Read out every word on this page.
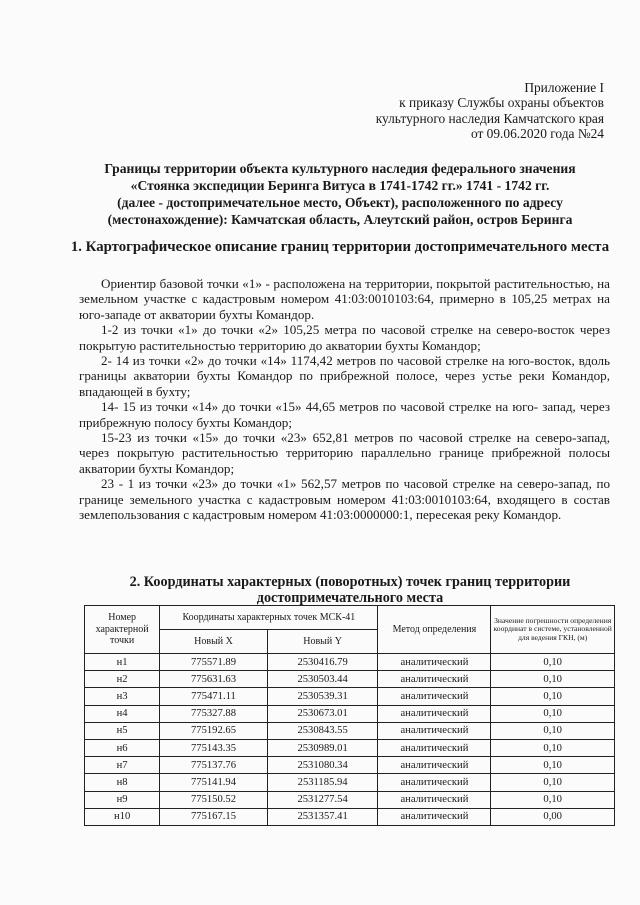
Приложение I
к приказу Службы охраны объектов
культурного наследия Камчатского края
от 09.06.2020 года №24
Границы территории объекта культурного наследия федерального значения
«Стоянка экспедиции Беринга Витуса в 1741-1742 гг.» 1741 - 1742 гг.
(далее - достопримечательное место, Объект), расположенного по адресу
(местонахождение): Камчатская область, Алеутский район, остров Беринга
1. Картографическое описание границ территории достопримечательного места

Ориентир базовой точки «1» - расположена на территории, покрытой растительностью, на земельном участке с кадастровым номером 41:03:0010103:64, примерно в 105,25 метрах на юго-западе от акватории бухты Командор.

1-2 из точки «1» до точки «2» 105,25 метра по часовой стрелке на северо-восток через покрытую растительностью территорию до акватории бухты Командор;

2- 14 из точки «2» до точки «14» 1174,42 метров по часовой стрелке на юго-восток, вдоль границы акватории бухты Командор по прибрежной полосе, через устье реки Командор, впадающей в бухту;

14- 15 из точки «14» до точки «15» 44,65 метров по часовой стрелке на юго- запад, через прибрежную полосу бухты Командор;

15-23 из точки «15» до точки «23» 652,81 метров по часовой стрелке на северо-запад, через покрытую растительностью территорию параллельно границе прибрежной полосы акватории бухты Командор;

23 - 1 из точки «23» до точки «1» 562,57 метров по часовой стрелке на северо-запад, по границе земельного участка с кадастровым номером 41:03:0010103:64, входящего в состав землепользования с кадастровым номером 41:03:0000000:1, пересекая реку Командор.

2. Координаты характерных (поворотных) точек границ территории
достопримечательного места
Номер характерной точки	Координаты характерных точек МСК-41		Метод определения	Значение погрешности определения координат в системе, установленной для ведения ГКН, (м)
	Новый X	Новый Y		
н1	775571.89	2530416.79	аналитический	0,10
н2	775631.63	2530503.44	аналитический	0,10
н3	775471.11	2530539.31	аналитический	0,10
н4	775327.88	2530673.01	аналитический	0,10
н5	775192.65	2530843.55	аналитический	0,10
н6	775143.35	2530989.01	аналитический	0,10
н7	775137.76	2531080.34	аналитический	0,10
н8	775141.94	2531185.94	аналитический	0,10
н9	775150.52	2531277.54	аналитический	0,10
н10	775167.15	2531357.41	аналитический	0,00
